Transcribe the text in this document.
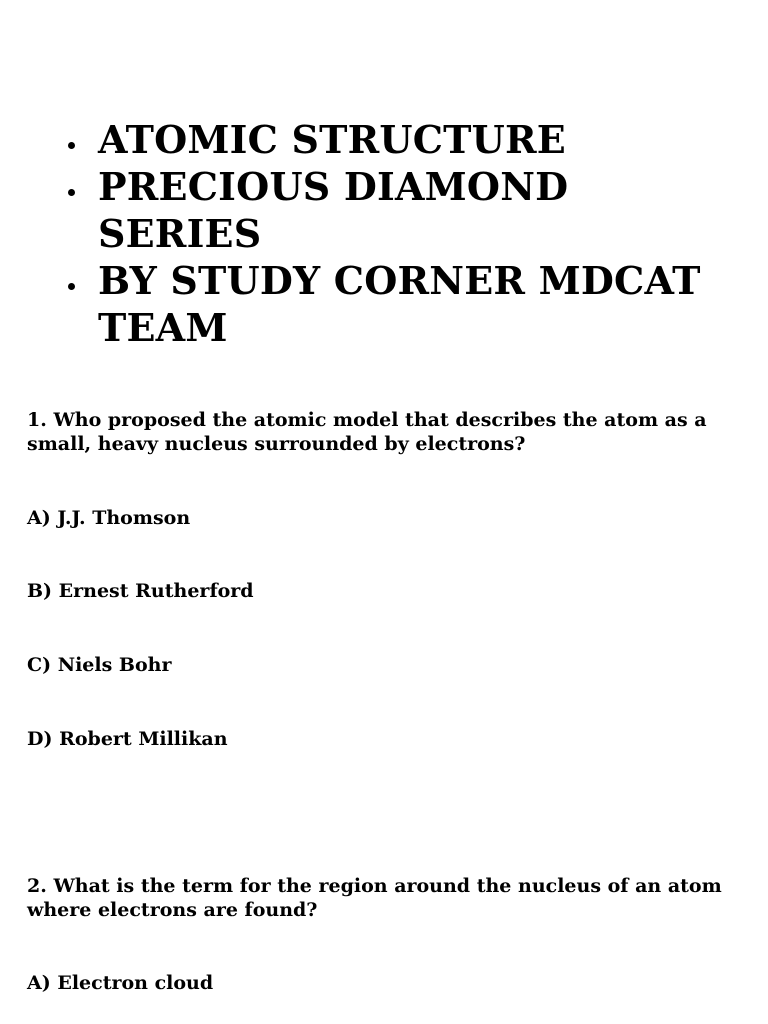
ATOMIC STRUCTURE
PRECIOUS DIAMOND SERIES
BY STUDY CORNER MDCAT TEAM

1. Who proposed the atomic model that describes the atom as a small, heavy nucleus surrounded by electrons?

A) J.J. Thomson

B) Ernest Rutherford

C) Niels Bohr

D) Robert Millikan

2. What is the term for the region around the nucleus of an atom where electrons are found?

A) Electron cloud
